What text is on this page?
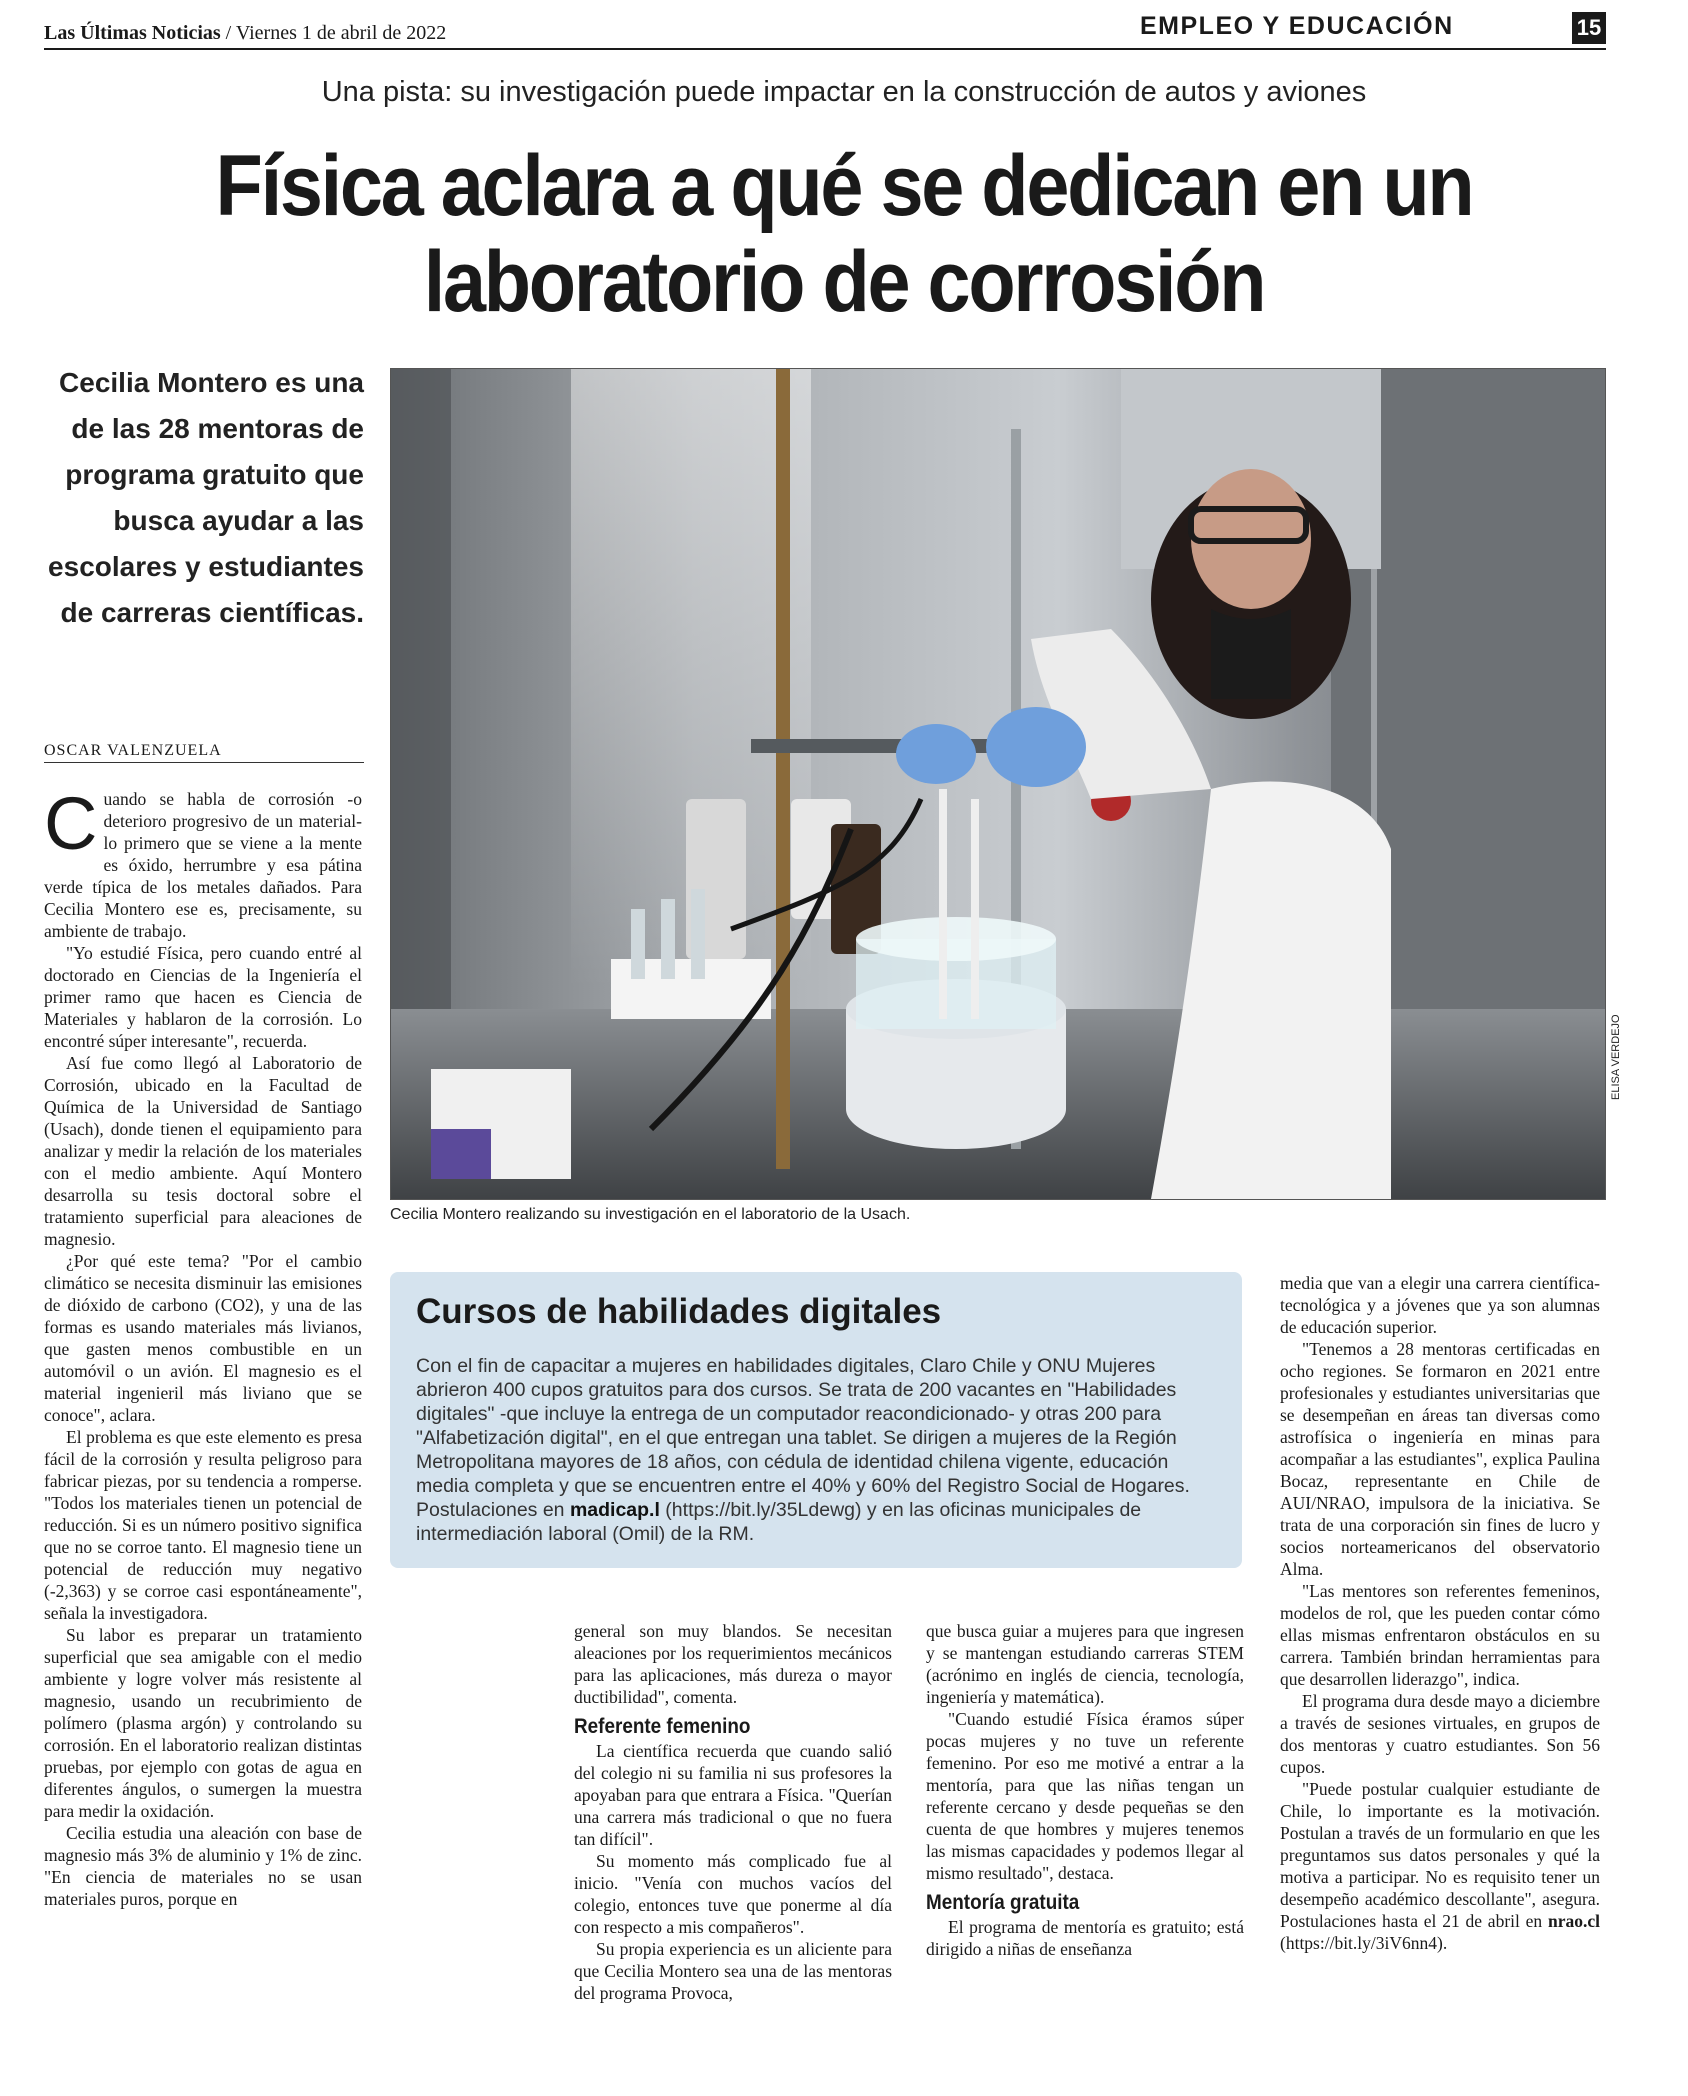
Las Últimas Noticias / Viernes 1 de abril de 2022	EMPLEO Y EDUCACIÓN	15
Una pista: su investigación puede impactar en la construcción de autos y aviones
Física aclara a qué se dedican en un
laboratorio de corrosión
Cecilia Montero es una de las 28 mentoras de programa gratuito que busca ayudar a las escolares y estudiantes de carreras científicas.
OSCAR VALENZUELA

Cuando se habla de corrosión -o deterioro progresivo de un material- lo primero que se viene a la mente es óxido, herrumbre y esa pátina verde típica de los metales dañados. Para Cecilia Montero ese es, precisamente, su ambiente de trabajo.

"Yo estudié Física, pero cuando entré al doctorado en Ciencias de la Ingeniería el primer ramo que hacen es Ciencia de Materiales y hablaron de la corrosión. Lo encontré súper interesante", recuerda.

Así fue como llegó al Laboratorio de Corrosión, ubicado en la Facultad de Química de la Universidad de Santiago (Usach), donde tienen el equipamiento para analizar y medir la relación de los materiales con el medio ambiente. Aquí Montero desarrolla su tesis doctoral sobre el tratamiento superficial para aleaciones de magnesio.

¿Por qué este tema? "Por el cambio climático se necesita disminuir las emisiones de dióxido de carbono (CO2), y una de las formas es usando materiales más livianos, que gasten menos combustible en un automóvil o un avión. El magnesio es el material ingenieril más liviano que se conoce", aclara.

El problema es que este elemento es presa fácil de la corrosión y resulta peligroso para fabricar piezas, por su tendencia a romperse. "Todos los materiales tienen un potencial de reducción. Si es un número positivo significa que no se corroe tanto. El magnesio tiene un potencial de reducción muy negativo (-2,363) y se corroe casi espontáneamente", señala la investigadora.

Su labor es preparar un tratamiento superficial que sea amigable con el medio ambiente y logre volver más resistente al magnesio, usando un recubrimiento de polímero (plasma argón) y controlando su corrosión. En el laboratorio realizan distintas pruebas, por ejemplo con gotas de agua en diferentes ángulos, o sumergen la muestra para medir la oxidación.

Cecilia estudia una aleación con base de magnesio más 3% de aluminio y 1% de zinc. "En ciencia de materiales no se usan materiales puros, porque en

Cecilia Montero realizando su investigación en el laboratorio de la Usach.
ELISA VERDEJO
Cursos de habilidades digitales
Con el fin de capacitar a mujeres en habilidades digitales, Claro Chile y ONU Mujeres abrieron 400 cupos gratuitos para dos cursos. Se trata de 200 vacantes en "Habilidades digitales" -que incluye la entrega de un computador reacondicionado- y otras 200 para "Alfabetización digital", en el que entregan una tablet. Se dirigen a mujeres de la Región Metropolitana mayores de 18 años, con cédula de identidad chilena vigente, educación media completa y que se encuentren entre el 40% y 60% del Registro Social de Hogares. Postulaciones en madicap.l (https://bit.ly/35Ldewg) y en las oficinas municipales de intermediación laboral (Omil) de la RM.

general son muy blandos. Se necesitan aleaciones por los requerimientos mecánicos para las aplicaciones, más dureza o mayor ductibilidad", comenta.

Referente femenino

La científica recuerda que cuando salió del colegio ni su familia ni sus profesores la apoyaban para que entrara a Física. "Querían una carrera más tradicional o que no fuera tan difícil".

Su momento más complicado fue al inicio. "Venía con muchos vacíos del colegio, entonces tuve que ponerme al día con respecto a mis compañeros".

Su propia experiencia es un aliciente para que Cecilia Montero sea una de las mentoras del programa Provoca,

que busca guiar a mujeres para que ingresen y se mantengan estudiando carreras STEM (acrónimo en inglés de ciencia, tecnología, ingeniería y matemática).

"Cuando estudié Física éramos súper pocas mujeres y no tuve un referente femenino. Por eso me motivé a entrar a la mentoría, para que las niñas tengan un referente cercano y desde pequeñas se den cuenta de que hombres y mujeres tenemos las mismas capacidades y podemos llegar al mismo resultado", destaca.

Mentoría gratuita

El programa de mentoría es gratuito; está dirigido a niñas de enseñanza

media que van a elegir una carrera científica-tecnológica y a jóvenes que ya son alumnas de educación superior.

"Tenemos a 28 mentoras certificadas en ocho regiones. Se formaron en 2021 entre profesionales y estudiantes universitarias que se desempeñan en áreas tan diversas como astrofísica o ingeniería en minas para acompañar a las estudiantes", explica Paulina Bocaz, representante en Chile de AUI/NRAO, impulsora de la iniciativa. Se trata de una corporación sin fines de lucro y socios norteamericanos del observatorio Alma.

"Las mentores son referentes femeninos, modelos de rol, que les pueden contar cómo ellas mismas enfrentaron obstáculos en su carrera. También brindan herramientas para que desarrollen liderazgo", indica.

El programa dura desde mayo a diciembre a través de sesiones virtuales, en grupos de dos mentoras y cuatro estudiantes. Son 56 cupos.

"Puede postular cualquier estudiante de Chile, lo importante es la motivación. Postulan a través de un formulario en que les preguntamos sus datos personales y qué la motiva a participar. No es requisito tener un desempeño académico descollante", asegura. Postulaciones hasta el 21 de abril en nrao.cl (https://bit.ly/3iV6nn4).
